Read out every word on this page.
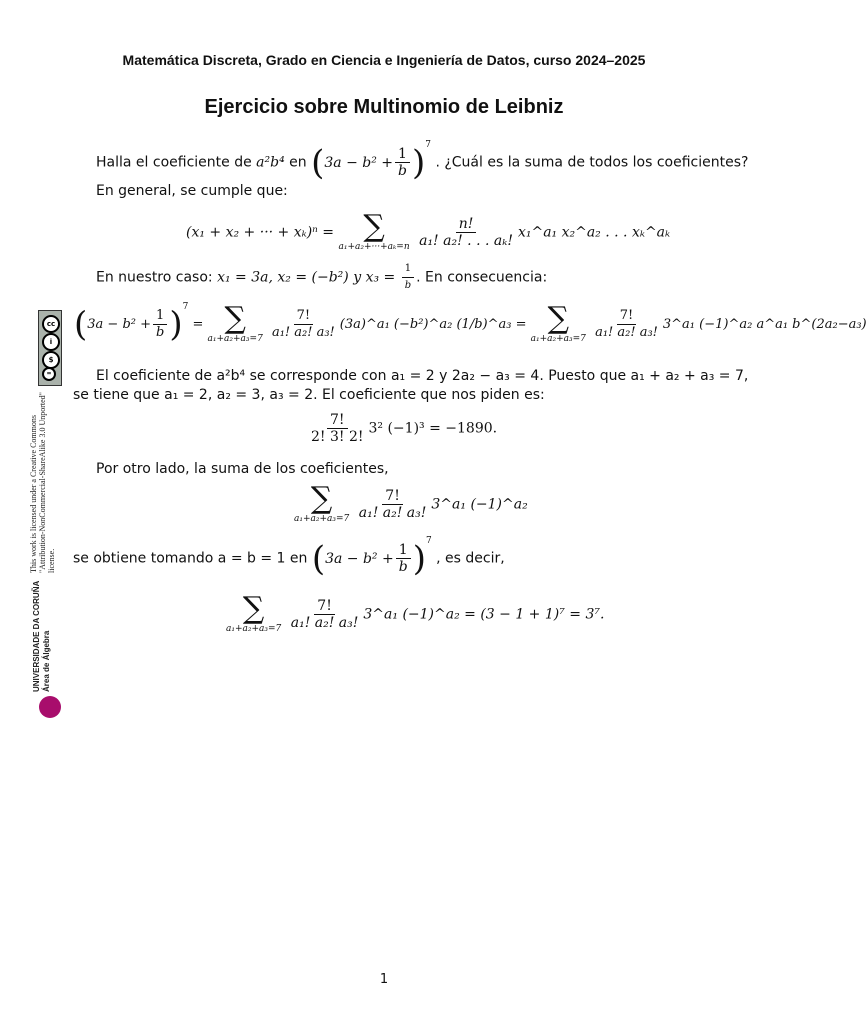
Matemática Discreta, Grado en Ciencia e Ingeniería de Datos, curso 2024–2025
Ejercicio sobre Multinomio de Leibniz
Halla el coeficiente de a²b⁴ en $(3a - b^2 + \frac{1}{b} )^7$ . ¿Cuál es la suma de todos los coeficientes?
En general, se cumple que:
(x₁ + x₂ + ··· + xₖ)ⁿ = ∑
a₁+a₂+···+aₖ=n
$\frac{n!}{\text{a₁! a₂! . . . aₖ!}}$ x₁^a₁ x₂^a₂ . . . xₖ^aₖ
En nuestro caso: x₁ = 3a, x₂ = (−b²) y $x_3 = \frac{1}{b}$ . En consecuencia:
$(3a - b^2 + \frac{1}{b} )^7$ = ∑
a₁+a₂+a₃=7
$\frac{7!}{\text{a₁! a₂! a₃!}}$ (3a)^a₁ (−b²)^a₂ (1/b)^a₃ = ∑
a₁+a₂+a₃=7
$\frac{7!}{\text{a₁! a₂! a₃!}}$ 3^a₁ (−1)^a₂ a^a₁ b^(2a₂−a₃)
El coeficiente de a²b⁴ se corresponde con a₁ = 2 y 2a₂ − a₃ = 4. Puesto que a₁ + a₂ + a₃ = 7,
se tiene que a₁ = 2, a₂ = 3, a₃ = 2. El coeficiente que nos piden es:
$\frac{7!}{2! 3! 2!} 3^2$ (−1)³ = −1890.
Por otro lado, la suma de los coeficientes,
∑
a₁+a₂+a₃=7
$\frac{7!}{\text{a₁! a₂! a₃!}}$ 3^a₁ (−1)^a₂
se obtiene tomando a = b = 1 en $(3a - b^2 + \frac{1}{b} )^7$ , es decir,
∑
a₁+a₂+a₃=7
$\frac{7!}{\text{a₁! a₂! a₃!}}$ 3^a₁ (−1)^a₂ = (3 − 1 + 1)⁷ = 3⁷.
cc
i
$
=
This work is licensed under a Creative Commons "Attribution-NonCommercial-ShareAlike 3.0 Unported" license.
UNIVERSIDADE DA CORUÑA Área de Álgebra
1
